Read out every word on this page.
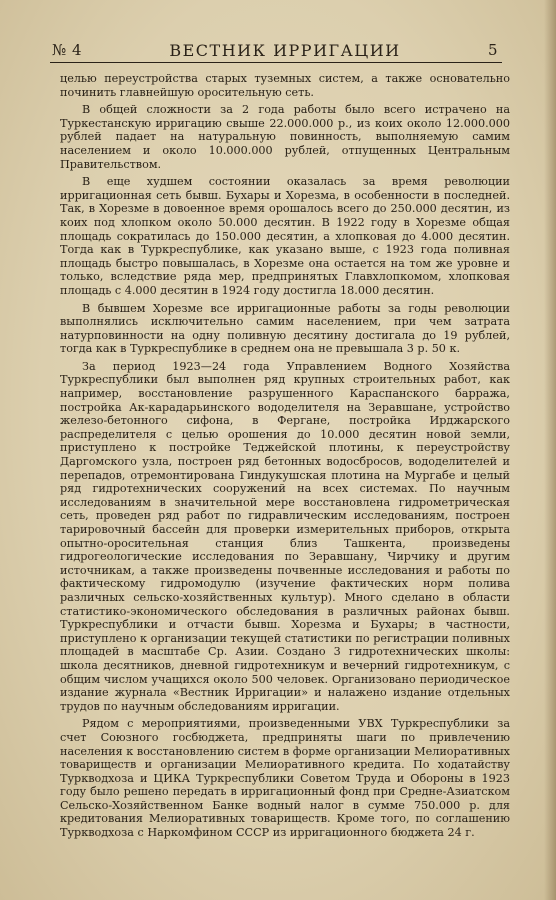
№ 4	ВЕСТНИК ИРРИГАЦИИ	5

целью переустройства старых туземных систем, а также основательно починить главнейшую оросительную сеть.

В общей сложности за 2 года работы было всего истрачено на Туркестанскую ирригацию свыше 22.000.000 р., из коих около 12.000.000 рублей падает на натуральную повинность, выполняемую самим населением и около 10.000.000 рублей, отпущенных Центральным Правительством.

В еще худшем состоянии оказалась за время революции ирригационная сеть бывш. Бухары и Хорезма, в особенности в последней. Так, в Хорезме в довоенное время орошалось всего до 250.000 десятин, из коих под хлопком около 50.000 десятин. В 1922 году в Хорезме общая площадь сократилась до 150.000 десятин, а хлопковая до 4.000 десятин. Тогда как в Туркреспублике, как указано выше, с 1923 года поливная площадь быстро повышалась, в Хорезме она остается на том же уровне и только, вследствие ряда мер, предпринятых Главхлопкомом, хлопковая площадь с 4.000 десятин в 1924 году достигла 18.000 десятин.

В бывшем Хорезме все ирригационные работы за годы революции выполнялись исключительно самим населением, при чем затрата натурповинности на одну поливную десятину достигала до 19 рублей, тогда как в Туркреспублике в среднем она не превышала 3 р. 50 к.

За период 1923—24 года Управлением Водного Хозяйства Туркреспублики был выполнен ряд крупных строительных работ, как например, восстановление разрушенного Караспанского барража, постройка Ак-карадарьинского вододелителя на Зеравшане, устройство железо-бетонного сифона, в Фергане, постройка Ирджарского распределителя с целью орошения до 10.000 десятин новой земли, приступлено к постройке Теджейской плотины, к переустройству Даргомского узла, построен ряд бетонных водосбросов, вододелителей и перепадов, отремонтирована Гиндукушская плотина на Мургабе и целый ряд гидротехнических сооружений на всех системах. По научным исследованиям в значительной мере восстановлена гидрометрическая сеть, проведен ряд работ по гидравлическим исследованиям, построен тарировочный бассейн для проверки измерительных приборов, открыта опытно-оросительная станция близ Ташкента, произведены гидрогеологические исследования по Зеравшану, Чирчику и другим источникам, а также произведены почвенные исследования и работы по фактическому гидромодулю (изучение фактических норм полива различных сельско-хозяйственных культур). Много сделано в области статистико-экономического обследования в различных районах бывш. Туркреспублики и отчасти бывш. Хорезма и Бухары; в частности, приступлено к организации текущей статистики по регистрации поливных площадей в масштабе Ср. Азии. Создано 3 гидротехнических школы: школа десятников, дневной гидротехникум и вечерний гидротехникум, с общим числом учащихся около 500 человек. Организовано периодическое издание журнала «Вестник Ирригации» и налажено издание отдельных трудов по научным обследованиям ирригации.

Рядом с мероприятиями, произведенными УВХ Туркреспублики за счет Союзного госбюджета, предприняты шаги по привлечению населения к восстановлению систем в форме организации Мелиоративных товариществ и организации Мелиоративного кредита. По ходатайству Турквoдхоза и ЦИКА Туркреспублики Советом Труда и Обороны в 1923 году было решено передать в ирригационный фонд при Средне-Азиатском Сельско-Хозяйственном Банке водный налог в сумме 750.000 р. для кредитования Мелиоративных товариществ. Кроме того, по соглашению Турквoдхоза с Наркомфином СССР из ирригационного бюджета 24 г.
